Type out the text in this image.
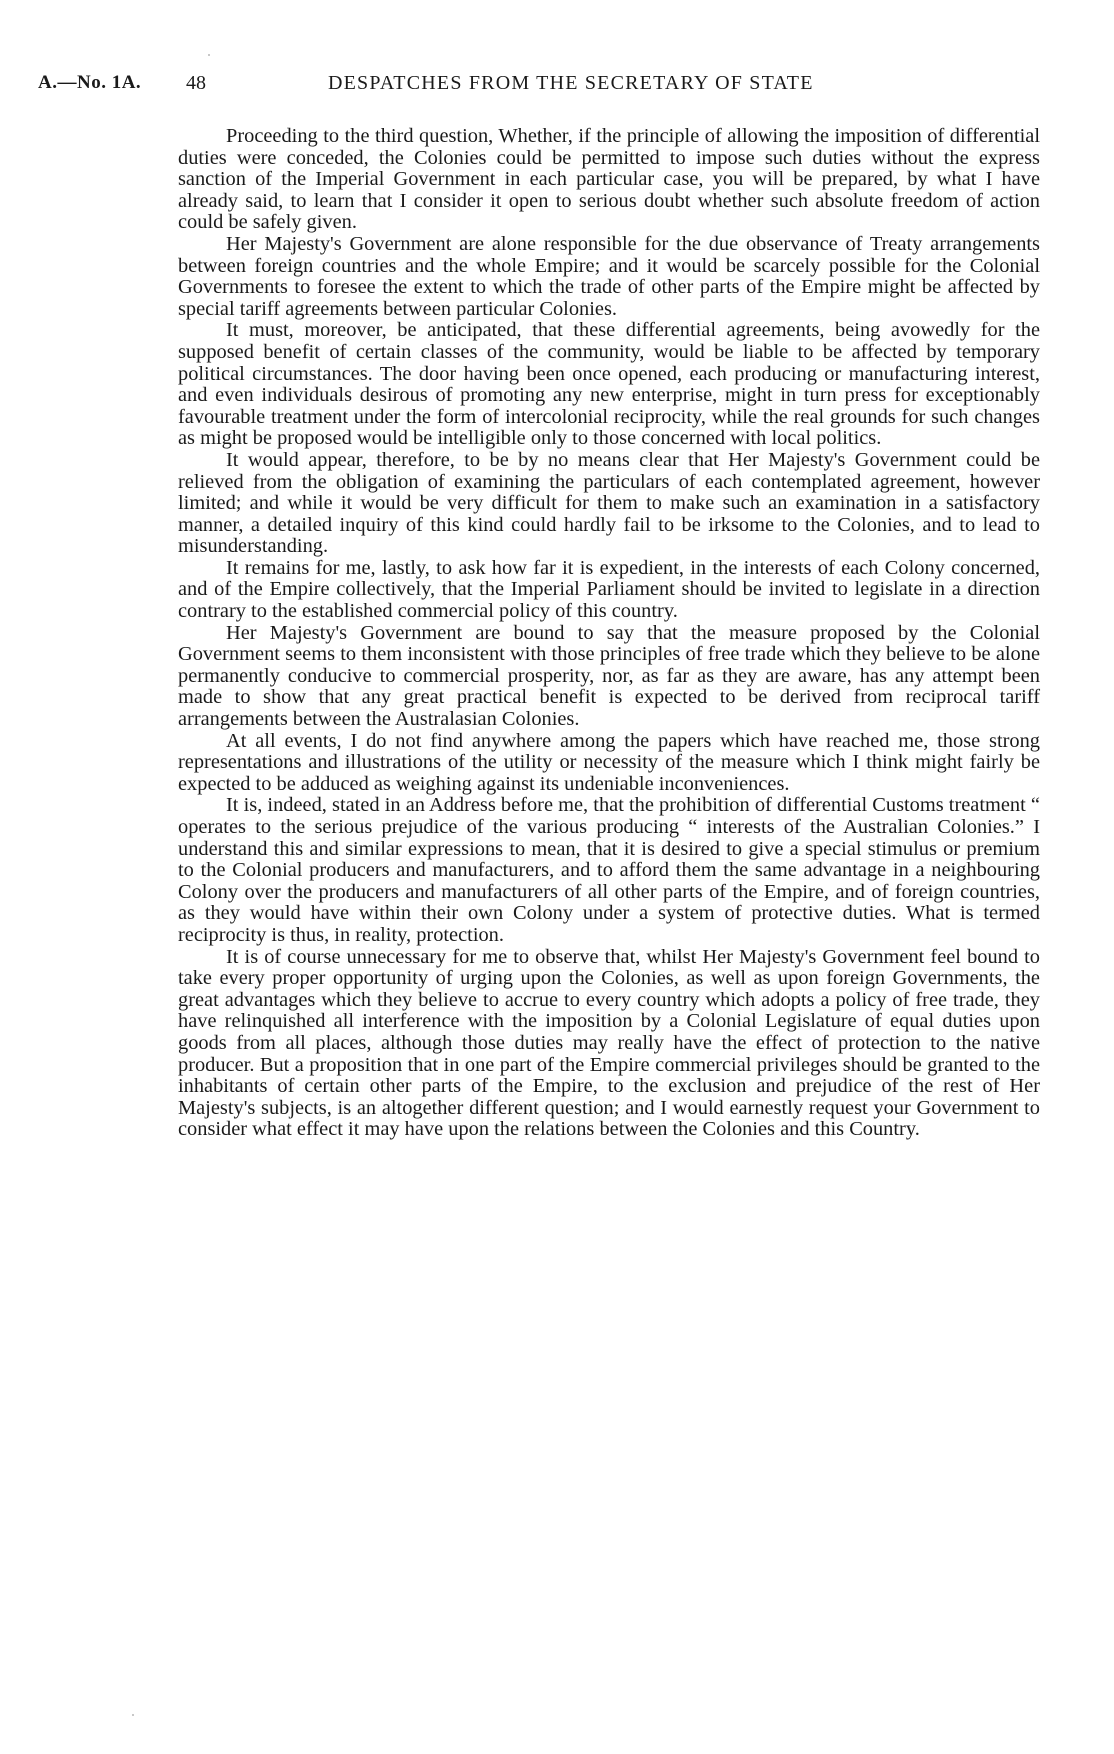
A.—No. 1A. 48	DESPATCHES FROM THE SECRETARY OF STATE

Proceeding to the third question, Whether, if the principle of allowing the imposition of differential duties were conceded, the Colonies could be permitted to impose such duties without the express sanction of the Imperial Government in each particular case, you will be prepared, by what I have already said, to learn that I consider it open to serious doubt whether such absolute freedom of action could be safely given.

Her Majesty's Government are alone responsible for the due observance of Treaty arrangements between foreign countries and the whole Empire; and it would be scarcely possible for the Colonial Governments to foresee the extent to which the trade of other parts of the Empire might be affected by special tariff agreements between particular Colonies.

It must, moreover, be anticipated, that these differential agreements, being avowedly for the supposed benefit of certain classes of the community, would be liable to be affected by temporary political circumstances. The door having been once opened, each producing or manufacturing interest, and even individuals desirous of promoting any new enterprise, might in turn press for exceptionably favourable treatment under the form of intercolonial reciprocity, while the real grounds for such changes as might be proposed would be intelligible only to those concerned with local politics.

It would appear, therefore, to be by no means clear that Her Majesty's Government could be relieved from the obligation of examining the particulars of each contemplated agreement, however limited; and while it would be very difficult for them to make such an examination in a satisfactory manner, a detailed inquiry of this kind could hardly fail to be irksome to the Colonies, and to lead to misunderstanding.

It remains for me, lastly, to ask how far it is expedient, in the interests of each Colony concerned, and of the Empire collectively, that the Imperial Parliament should be invited to legislate in a direction contrary to the established commercial policy of this country.

Her Majesty's Government are bound to say that the measure proposed by the Colonial Government seems to them inconsistent with those principles of free trade which they believe to be alone permanently conducive to commercial prosperity, nor, as far as they are aware, has any attempt been made to show that any great practical benefit is expected to be derived from reciprocal tariff arrangements between the Australasian Colonies.

At all events, I do not find anywhere among the papers which have reached me, those strong representations and illustrations of the utility or necessity of the measure which I think might fairly be expected to be adduced as weighing against its undeniable inconveniences.

It is, indeed, stated in an Address before me, that the prohibition of differential Customs treatment “ operates to the serious prejudice of the various producing “ interests of the Australian Colonies.” I understand this and similar expressions to mean, that it is desired to give a special stimulus or premium to the Colonial producers and manufacturers, and to afford them the same advantage in a neighbouring Colony over the producers and manufacturers of all other parts of the Empire, and of foreign countries, as they would have within their own Colony under a system of protective duties. What is termed reciprocity is thus, in reality, protection.

It is of course unnecessary for me to observe that, whilst Her Majesty's Government feel bound to take every proper opportunity of urging upon the Colonies, as well as upon foreign Governments, the great advantages which they believe to accrue to every country which adopts a policy of free trade, they have relinquished all interference with the imposition by a Colonial Legislature of equal duties upon goods from all places, although those duties may really have the effect of protection to the native producer. But a proposition that in one part of the Empire commercial privileges should be granted to the inhabitants of certain other parts of the Empire, to the exclusion and prejudice of the rest of Her Majesty's subjects, is an altogether different question; and I would earnestly request your Government to consider what effect it may have upon the relations between the Colonies and this Country.
